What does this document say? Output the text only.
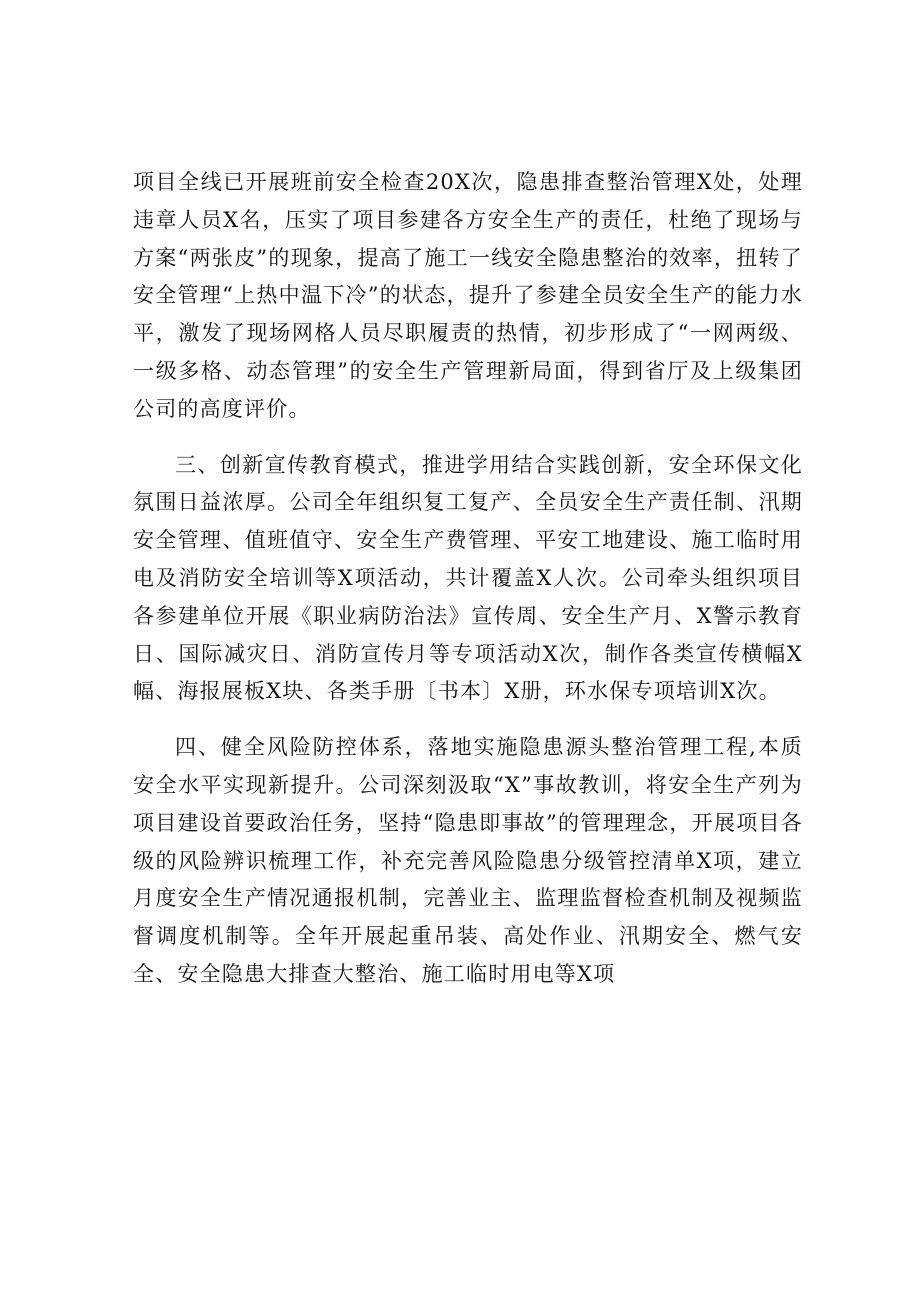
项目全线已开展班前安全检查20X次，隐患排查整治管理X处，处理违章人员X名，压实了项目参建各方安全生产的责任，杜绝了现场与方案“两张皮”的现象，提高了施工一线安全隐患整治的效率，扭转了安全管理“上热中温下冷”的状态，提升了参建全员安全生产的能力水平，激发了现场网格人员尽职履责的热情，初步形成了“一网两级、一级多格、动态管理”的安全生产管理新局面，得到省厅及上级集团公司的高度评价。

三、创新宣传教育模式，推进学用结合实践创新，安全环保文化氛围日益浓厚。公司全年组织复工复产、全员安全生产责任制、汛期安全管理、值班值守、安全生产费管理、平安工地建设、施工临时用电及消防安全培训等X项活动，共计覆盖X人次。公司牵头组织项目各参建单位开展《职业病防治法》宣传周、安全生产月、X警示教育日、国际减灾日、消防宣传月等专项活动X次，制作各类宣传横幅X幅、海报展板X块、各类手册〔书本〕X册，环水保专项培训X次。

四、健全风险防控体系，落地实施隐患源头整治管理工程,本质安全水平实现新提升。公司深刻汲取“X”事故教训，将安全生产列为项目建设首要政治任务，坚持“隐患即事故”的管理理念，开展项目各级的风险辨识梳理工作，补充完善风险隐患分级管控清单X项，建立月度安全生产情况通报机制，完善业主、监理监督检查机制及视频监督调度机制等。全年开展起重吊装、高处作业、汛期安全、燃气安全、安全隐患大排查大整治、施工临时用电等X项
